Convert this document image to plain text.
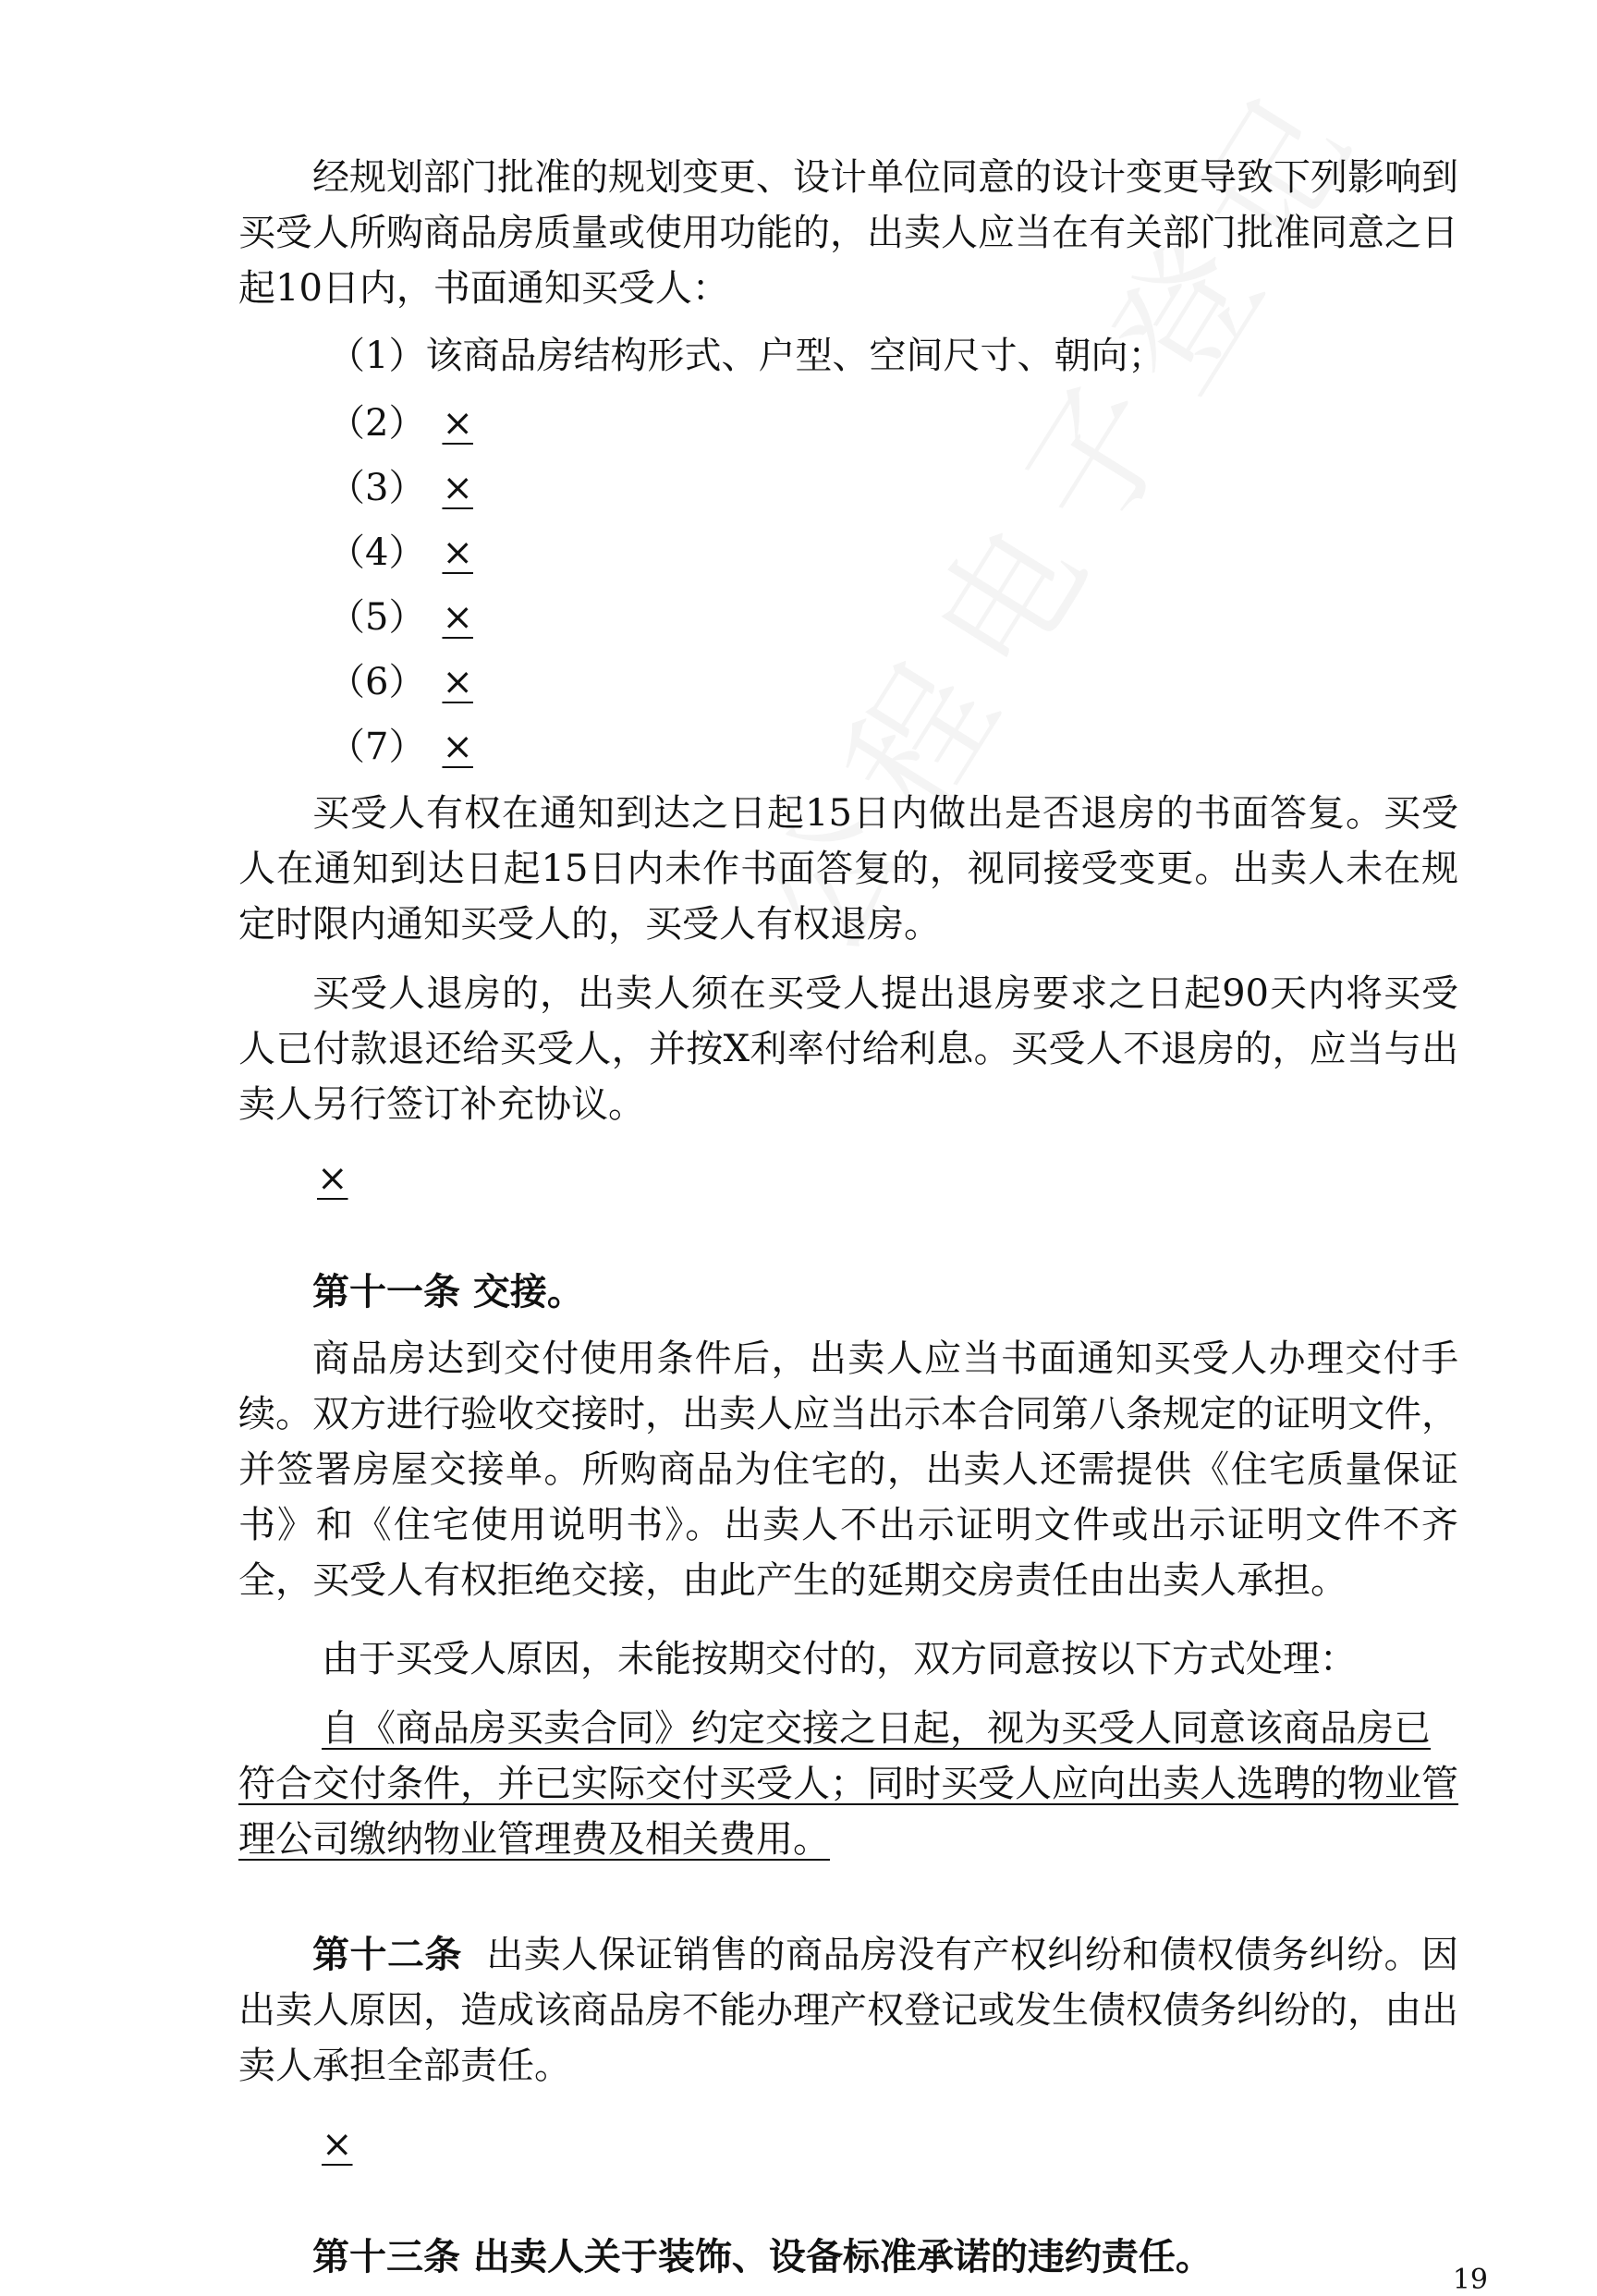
经规划部门批准的规划变更、设计单位同意的设计变更导致下列影响到买受人所购商品房质量或使用功能的，出卖人应当在有关部门批准同意之日起10日内，书面通知买受人：

（1）该商品房结构形式、户型、空间尺寸、朝向；

（2） ×

（3） ×

（4） ×

（5） ×

（6） ×

（7） ×

买受人有权在通知到达之日起15日内做出是否退房的书面答复。买受人在通知到达日起15日内未作书面答复的，视同接受变更。出卖人未在规定时限内通知买受人的，买受人有权退房。

买受人退房的，出卖人须在买受人提出退房要求之日起90天内将买受人已付款退还给买受人，并按X利率付给利息。买受人不退房的，应当与出卖人另行签订补充协议。

×

第十一条 交接。

商品房达到交付使用条件后，出卖人应当书面通知买受人办理交付手续。双方进行验收交接时，出卖人应当出示本合同第八条规定的证明文件，并签署房屋交接单。所购商品为住宅的，出卖人还需提供《住宅质量保证书》和《住宅使用说明书》。出卖人不出示证明文件或出示证明文件不齐全，买受人有权拒绝交接，由此产生的延期交房责任由出卖人承担。

由于买受人原因，未能按期交付的，双方同意按以下方式处理：

自《商品房买卖合同》约定交接之日起，视为买受人同意该商品房已符合交付条件，并已实际交付买受人；同时买受人应向出卖人选聘的物业管理公司缴纳物业管理费及相关费用。

第十二条 出卖人保证销售的商品房没有产权纠纷和债权债务纠纷。因出卖人原因，造成该商品房不能办理产权登记或发生债权债务纠纷的，由出卖人承担全部责任。

×

第十三条 出卖人关于装饰、设备标准承诺的违约责任。

19
